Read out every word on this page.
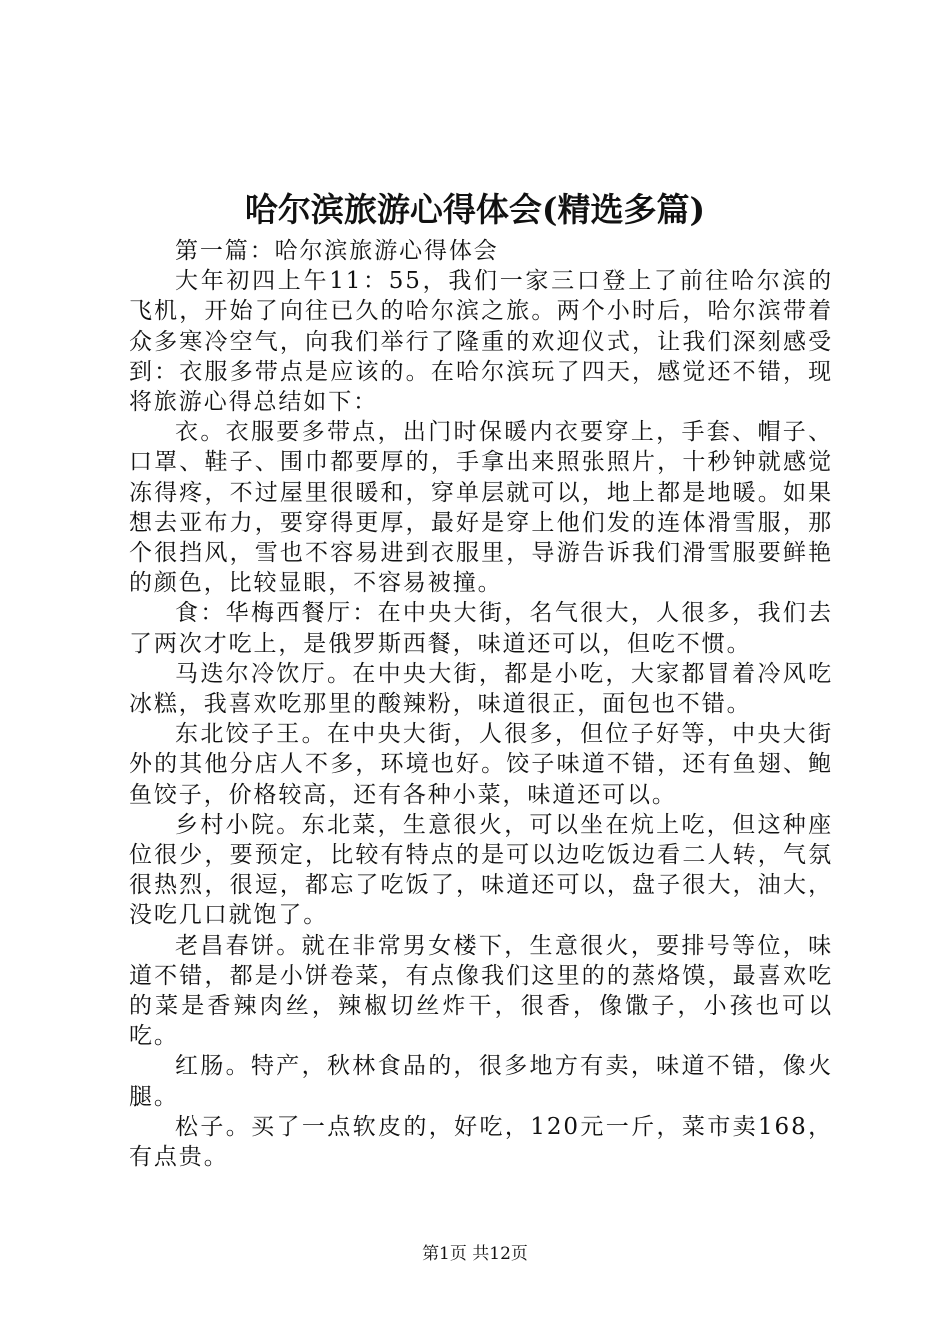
哈尔滨旅游心得体会(精选多篇)

第一篇：哈尔滨旅游心得体会

大年初四上午11：55，我们一家三口登上了前往哈尔滨的飞机，开始了向往已久的哈尔滨之旅。两个小时后，哈尔滨带着众多寒冷空气，向我们举行了隆重的欢迎仪式，让我们深刻感受到：衣服多带点是应该的。在哈尔滨玩了四天，感觉还不错，现将旅游心得总结如下：

衣。衣服要多带点，出门时保暖内衣要穿上，手套、帽子、口罩、鞋子、围巾都要厚的，手拿出来照张照片，十秒钟就感觉冻得疼，不过屋里很暖和，穿单层就可以，地上都是地暖。如果想去亚布力，要穿得更厚，最好是穿上他们发的连体滑雪服，那个很挡风，雪也不容易进到衣服里，导游告诉我们滑雪服要鲜艳的颜色，比较显眼，不容易被撞。

食：华梅西餐厅：在中央大街，名气很大，人很多，我们去了两次才吃上，是俄罗斯西餐，味道还可以，但吃不惯。

马迭尔冷饮厅。在中央大街，都是小吃，大家都冒着冷风吃冰糕，我喜欢吃那里的酸辣粉，味道很正，面包也不错。

东北饺子王。在中央大街，人很多，但位子好等，中央大街外的其他分店人不多，环境也好。饺子味道不错，还有鱼翅、鲍鱼饺子，价格较高，还有各种小菜，味道还可以。

乡村小院。东北菜，生意很火，可以坐在炕上吃，但这种座位很少，要预定，比较有特点的是可以边吃饭边看二人转，气氛很热烈，很逗，都忘了吃饭了，味道还可以，盘子很大，油大，没吃几口就饱了。

老昌春饼。就在非常男女楼下，生意很火，要排号等位，味道不错，都是小饼卷菜，有点像我们这里的的蒸烙馍，最喜欢吃的菜是香辣肉丝，辣椒切丝炸干，很香，像馓子，小孩也可以吃。

红肠。特产，秋林食品的，很多地方有卖，味道不错，像火腿。

松子。买了一点软皮的，好吃，120元一斤，菜市卖168，有点贵。

第1页 共12页
